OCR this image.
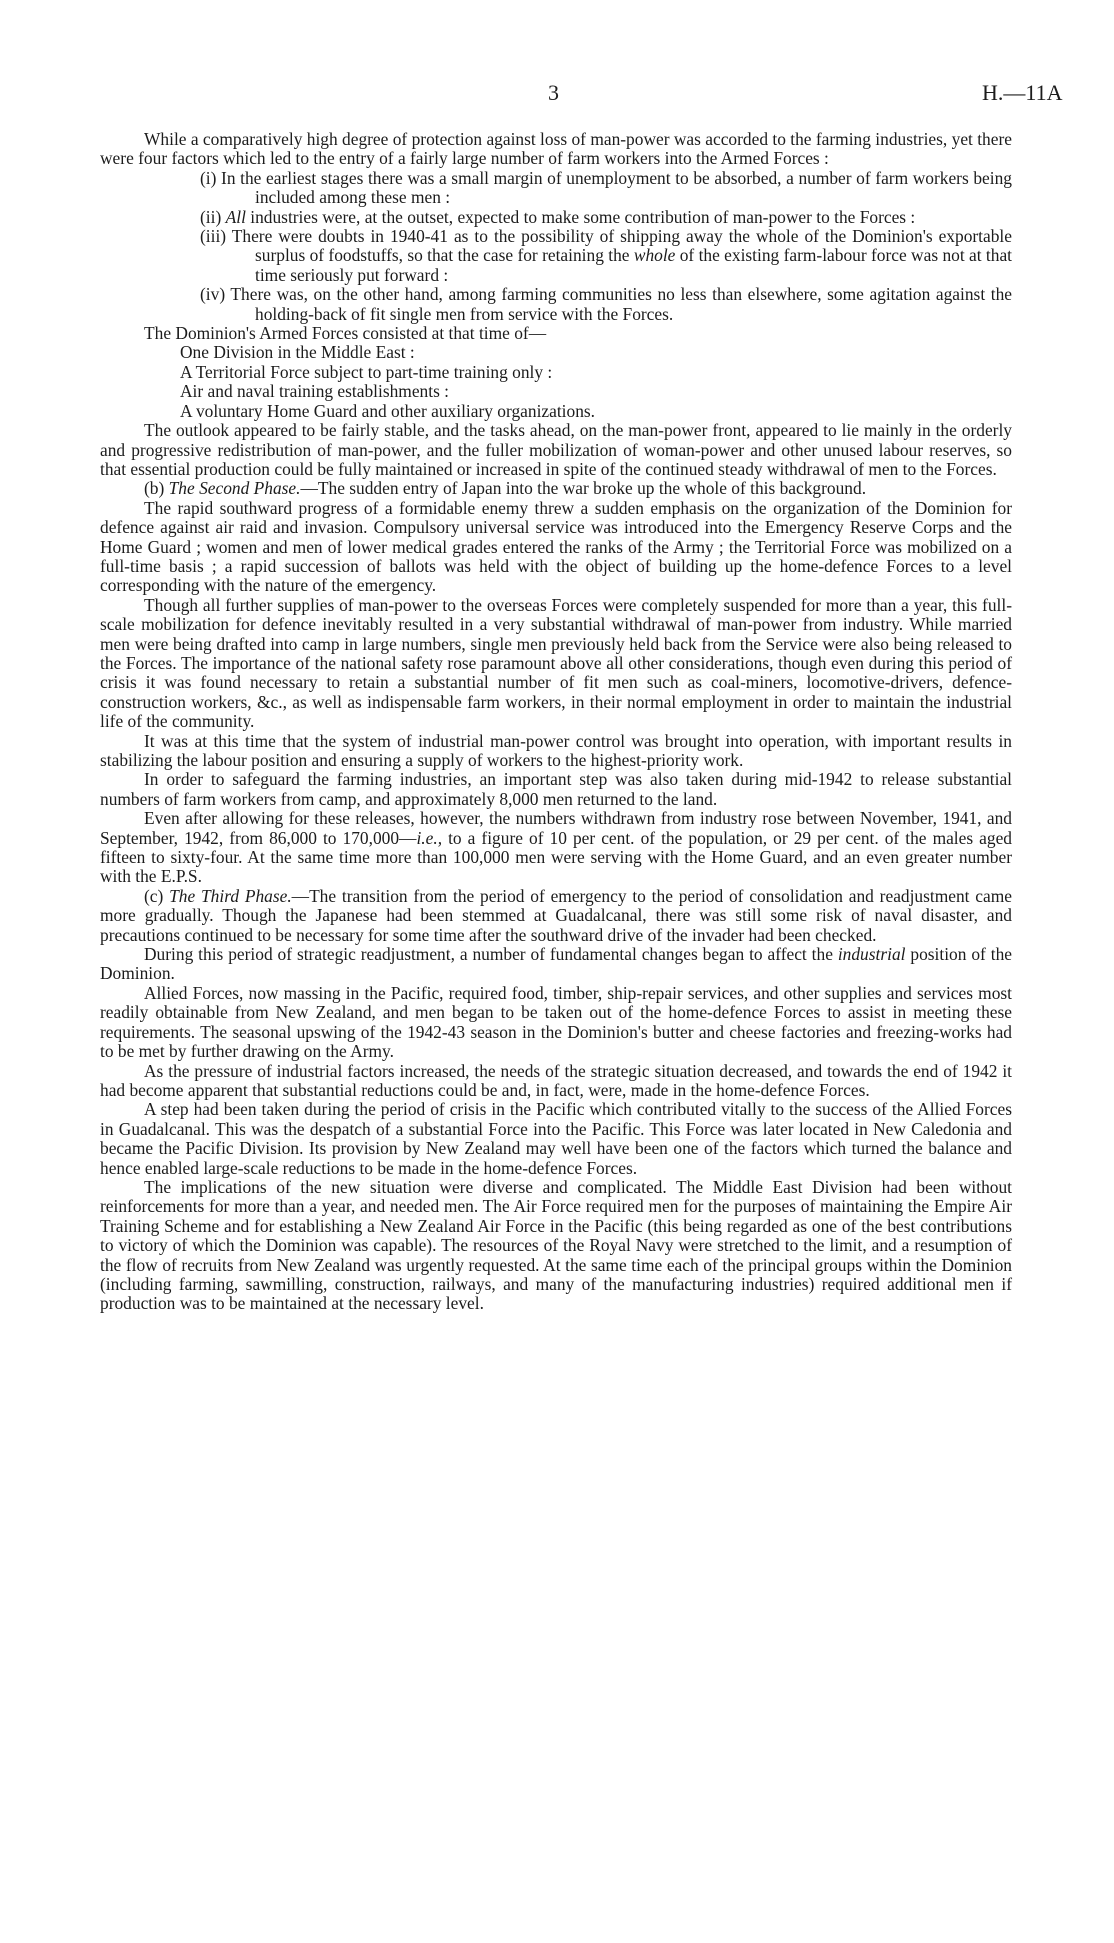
3	H.—11A

While a comparatively high degree of protection against loss of man-power was accorded to the farming industries, yet there were four factors which led to the entry of a fairly large number of farm workers into the Armed Forces :

(i) In the earliest stages there was a small margin of unemployment to be absorbed, a number of farm workers being included among these men :
(ii) All industries were, at the outset, expected to make some contribution of man-power to the Forces :
(iii) There were doubts in 1940-41 as to the possibility of shipping away the whole of the Dominion's exportable surplus of foodstuffs, so that the case for retaining the whole of the existing farm-labour force was not at that time seriously put forward :
(iv) There was, on the other hand, among farming communities no less than elsewhere, some agitation against the holding-back of fit single men from service with the Forces.

The Dominion's Armed Forces consisted at that time of—

One Division in the Middle East :
A Territorial Force subject to part-time training only :
Air and naval training establishments :
A voluntary Home Guard and other auxiliary organizations.

The outlook appeared to be fairly stable, and the tasks ahead, on the man-power front, appeared to lie mainly in the orderly and progressive redistribution of man-power, and the fuller mobilization of woman-power and other unused labour reserves, so that essential production could be fully maintained or increased in spite of the continued steady withdrawal of men to the Forces.

(b) The Second Phase.—The sudden entry of Japan into the war broke up the whole of this background.

The rapid southward progress of a formidable enemy threw a sudden emphasis on the organization of the Dominion for defence against air raid and invasion. Compulsory universal service was introduced into the Emergency Reserve Corps and the Home Guard ; women and men of lower medical grades entered the ranks of the Army ; the Territorial Force was mobilized on a full-time basis ; a rapid succession of ballots was held with the object of building up the home-defence Forces to a level corresponding with the nature of the emergency.

Though all further supplies of man-power to the overseas Forces were completely suspended for more than a year, this full-scale mobilization for defence inevitably resulted in a very substantial withdrawal of man-power from industry. While married men were being drafted into camp in large numbers, single men previously held back from the Service were also being released to the Forces. The importance of the national safety rose paramount above all other considerations, though even during this period of crisis it was found necessary to retain a substantial number of fit men such as coal-miners, locomotive-drivers, defence-construction workers, &c., as well as indispensable farm workers, in their normal employment in order to maintain the industrial life of the community.

It was at this time that the system of industrial man-power control was brought into operation, with important results in stabilizing the labour position and ensuring a supply of workers to the highest-priority work.

In order to safeguard the farming industries, an important step was also taken during mid-1942 to release substantial numbers of farm workers from camp, and approximately 8,000 men returned to the land.

Even after allowing for these releases, however, the numbers withdrawn from industry rose between November, 1941, and September, 1942, from 86,000 to 170,000—i.e., to a figure of 10 per cent. of the population, or 29 per cent. of the males aged fifteen to sixty-four. At the same time more than 100,000 men were serving with the Home Guard, and an even greater number with the E.P.S.

(c) The Third Phase.—The transition from the period of emergency to the period of consolidation and readjustment came more gradually. Though the Japanese had been stemmed at Guadalcanal, there was still some risk of naval disaster, and precautions continued to be necessary for some time after the southward drive of the invader had been checked.

During this period of strategic readjustment, a number of fundamental changes began to affect the industrial position of the Dominion.

Allied Forces, now massing in the Pacific, required food, timber, ship-repair services, and other supplies and services most readily obtainable from New Zealand, and men began to be taken out of the home-defence Forces to assist in meeting these requirements. The seasonal upswing of the 1942-43 season in the Dominion's butter and cheese factories and freezing-works had to be met by further drawing on the Army.

As the pressure of industrial factors increased, the needs of the strategic situation decreased, and towards the end of 1942 it had become apparent that substantial reductions could be and, in fact, were, made in the home-defence Forces.

A step had been taken during the period of crisis in the Pacific which contributed vitally to the success of the Allied Forces in Guadalcanal. This was the despatch of a substantial Force into the Pacific. This Force was later located in New Caledonia and became the Pacific Division. Its provision by New Zealand may well have been one of the factors which turned the balance and hence enabled large-scale reductions to be made in the home-defence Forces.

The implications of the new situation were diverse and complicated. The Middle East Division had been without reinforcements for more than a year, and needed men. The Air Force required men for the purposes of maintaining the Empire Air Training Scheme and for establishing a New Zealand Air Force in the Pacific (this being regarded as one of the best contributions to victory of which the Dominion was capable). The resources of the Royal Navy were stretched to the limit, and a resumption of the flow of recruits from New Zealand was urgently requested. At the same time each of the principal groups within the Dominion (including farming, sawmilling, construction, railways, and many of the manufacturing industries) required additional men if production was to be maintained at the necessary level.
